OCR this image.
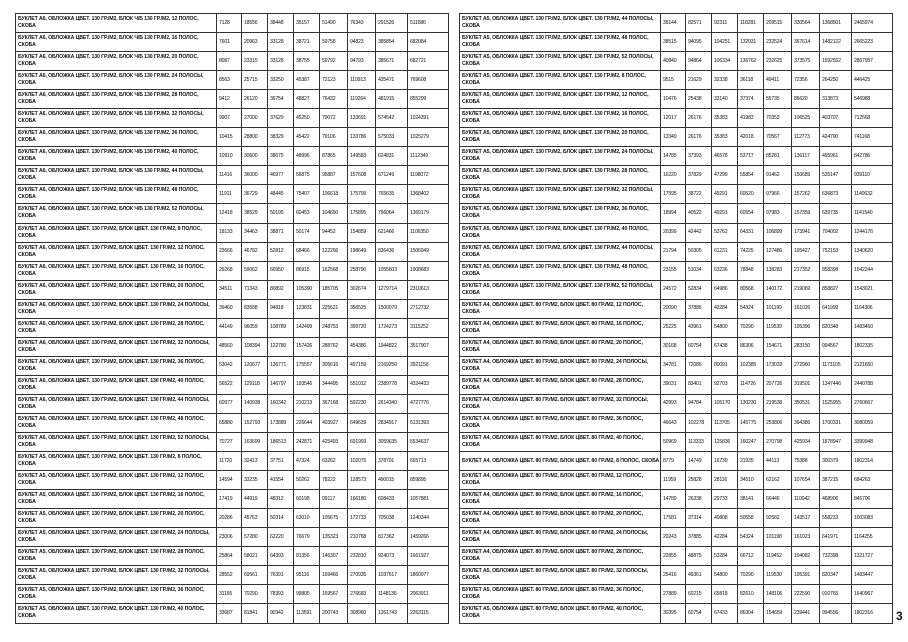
БУКЛЕТ А6, ОБЛОЖКА ЦВЕТ. 130 ГР./М2, БЛОК Ч/Б 130 ГР./М2, 12 ПОЛОС, СКОБА	7128	18556	38448	35157	51490	76343	291526	511686
БУКЛЕТ А6, ОБЛОЖКА ЦВЕТ. 130 ГР./М2, БЛОК Ч/Б 130 ГР./М2, 16 ПОЛОС, СКОБА	7601	20963	33128	38721	59758	94823	385854	682084
БУКЛЕТ А6, ОБЛОЖКА ЦВЕТ. 130 ГР./М2, БЛОК Ч/Б 130 ГР./М2, 20 ПОЛОС, СКОБА	8087	23315	33128	38755	59792	94793	385671	682721
БУКЛЕТ А6, ОБЛОЖКА ЦВЕТ. 130 ГР./М2, БЛОК Ч/Б 130 ГР./М2, 24 ПОЛОСЫ, СКОБА	8563	25715	33250	45387	72123	110913	435471	769608
БУКЛЕТ А6, ОБЛОЖКА ЦВЕТ. 130 ГР./М2, БЛОК Ч/Б 130 ГР./М2, 28 ПОЛОС, СКОБА	9412	26120	36754	48827	76432	119264	481915	855299
БУКЛЕТ А6, ОБЛОЖКА ЦВЕТ. 130 ГР./М2, БЛОК Ч/Б 130 ГР./М2, 32 ПОЛОСЫ, СКОБА	9907	27000	37629	45250	79072	133691	574542	1024391
БУКЛЕТ А6, ОБЛОЖКА ЦВЕТ. 130 ГР./М2, БЛОК Ч/Б 130 ГР./М2, 36 ПОЛОС, СКОБА	10415	28800	38329	45422	79106	133786	575033	1025279
БУКЛЕТ А6, ОБЛОЖКА ЦВЕТ. 130 ГР./М2, БЛОК Ч/Б 130 ГР./М2, 40 ПОЛОС, СКОБА	10910	30600	38675	48996	87865	149583	624831	1112349
БУКЛЕТ А6, ОБЛОЖКА ЦВЕТ. 130 ГР./М2, БЛОК Ч/Б 130 ГР./М2, 44 ПОЛОСЫ, СКОБА	11416	36000	46977	56875	95887	157608	671249	1198072
БУКЛЕТ А6, ОБЛОЖКА ЦВЕТ. 130 ГР./М2, БЛОК Ч/Б 130 ГР./М2, 48 ПОЛОС, СКОБА	11911	36729	48445	75407	106618	175799	765635	1368402
БУКЛЕТ А6, ОБЛОЖКА ЦВЕТ. 130 ГР./М2, БЛОК Ч/Б 130 ГР./М2, 52 ПОЛОСЫ, СКОБА	12418	38529	50195	60453	104650	175895	766064	1369179
БУКЛЕТ А6, ОБЛОЖКА ЦВЕТ. 130 ГР./М2, БЛОК ЦВЕТ. 130 ГР./М2, 8 ПОЛОС, СКОБА	18133	34463	38871	50174	94452	154859	621466	1106350
БУКЛЕТ А6, ОБЛОЖКА ЦВЕТ. 130 ГР./М2, БЛОК ЦВЕТ. 130 ГР./М2, 12 ПОЛОС, СКОБА	23666	46782	52812	68466	122266	198649	836436	1506949
БУКЛЕТ А6, ОБЛОЖКА ЦВЕТ. 130 ГР./М2, БЛОК ЦВЕТ. 130 ГР./М2, 16 ПОЛОС, СКОБА	29268	59062	66950	86915	162568	258790	1055603	1908683
БУКЛЕТ А6, ОБЛОЖКА ЦВЕТ. 130 ГР./М2, БЛОК ЦВЕТ. 130 ГР./М2, 20 ПОЛОС, СКОБА	34511	71343	80892	105390	185705	302674	1279714	2310613
БУКЛЕТ А6, ОБЛОЖКА ЦВЕТ. 130 ГР./М2, БЛОК ЦВЕТ. 130 ГР./М2, 24 ПОЛОСЫ, СКОБА	39460	83588	94818	123831	225621	356525	1500079	2712732
БУКЛЕТ А6, ОБЛОЖКА ЦВЕТ. 130 ГР./М2, БЛОК ЦВЕТ. 130 ГР./М2, 28 ПОЛОС, СКОБА	44149	96059	108789	142499	248753	399720	1724273	3115252
БУКЛЕТ А6, ОБЛОЖКА ЦВЕТ. 130 ГР./М2, БЛОК ЦВЕТ. 130 ГР./М2, 32 ПОЛОСЫ, СКОБА	48560	108394	122780	157426	288762	454380	1944822	3517907
БУКЛЕТ А6, ОБЛОЖКА ЦВЕТ. 130 ГР./М2, БЛОК ЦВЕТ. 130 ГР./М2, 36 ПОЛОС, СКОБА	53042	120677	136771	175557	305616	497159	2169250	3921158
БУКЛЕТ А6, ОБЛОЖКА ЦВЕТ. 130 ГР./М2, БЛОК ЦВЕТ. 130 ГР./М2, 40 ПОЛОС, СКОБА	56522	129118	146797	193546	344495	551012	2389778	4324433
БУКЛЕТ А6, ОБЛОЖКА ЦВЕТ. 130 ГР./М2, БЛОК ЦВЕТ. 130 ГР./М2, 44 ПОЛОСЫ, СКОБА	60977	140938	160342	210213	367168	592230	2614340	4727776
БУКЛЕТ А6, ОБЛОЖКА ЦВЕТ. 130 ГР./М2, БЛОК ЦВЕТ. 130 ГР./М2, 48 ПОЛОС, СКОБА	65880	152793	173889	226644	403927	649639	2834917	5131393
БУКЛЕТ А6, ОБЛОЖКА ЦВЕТ. 130 ГР./М2, БЛОК ЦВЕТ. 130 ГР./М2, 52 ПОЛОСЫ, СКОБА	70727	163699	186513	242871	425493	691993	3059635	5534637
БУКЛЕТ А5, ОБЛОЖКА ЦВЕТ. 130 ГР./М2, БЛОК ЦВЕТ. 130 ГР./М2, 8 ПОЛОС, СКОБА	11720	32413	37751	47324	63262	102075	378701	665713
БУКЛЕТ А5, ОБЛОЖКА ЦВЕТ. 130 ГР./М2, БЛОК ЦВЕТ. 130 ГР./М2, 12 ПОЛОС, СКОБА	14594	33235	41554	50262	78222	128573	490015	859895
БУКЛЕТ А5, ОБЛОЖКА ЦВЕТ. 130 ГР./М2, БЛОК ЦВЕТ. 130 ГР./М2, 16 ПОЛОС, СКОБА	17419	44919	48312	60198	99117	166180	608433	1057881
БУКЛЕТ А5, ОБЛОЖКА ЦВЕТ. 130 ГР./М2, БЛОК ЦВЕТ. 130 ГР./М2, 20 ПОЛОС, СКОБА	20286	45763	50314	63010	105675	172733	705038	1240344
БУКЛЕТ А5, ОБЛОЖКА ЦВЕТ. 130 ГР./М2, БЛОК ЦВЕТ. 130 ГР./М2, 24 ПОЛОСЫ, СКОБА	23006	57280	62220	76679	135323	210768	817362	1459266
БУКЛЕТ А5, ОБЛОЖКА ЦВЕТ. 130 ГР./М2, БЛОК ЦВЕТ. 130 ГР./М2, 28 ПОЛОС, СКОБА	25864	58021	64393	81356	146307	232810	924073	1661927
БУКЛЕТ А5, ОБЛОЖКА ЦВЕТ. 130 ГР./М2, БЛОК ЦВЕТ. 130 ГР./М2, 32 ПОЛОСЫ, СКОБА	28552	69561	76391	95116	169466	270935	1037617	1860977
БУКЛЕТ А5, ОБЛОЖКА ЦВЕТ. 130 ГР./М2, БЛОК ЦВЕТ. 130 ГР./М2, 36 ПОЛОС, СКОБА	31165	70290	78393	99805	169567	276683	1148136	2063911
БУКЛЕТ А5, ОБЛОЖКА ЦВЕТ. 130 ГР./М2, БЛОК ЦВЕТ. 130 ГР./М2, 40 ПОЛОС, СКОБА	33687	81841	90342	113591	200743	308960	1261743	2263115
БУКЛЕТ А5, ОБЛОЖКА ЦВЕТ. 130 ГР./М2, БЛОК ЦВЕТ. 130 ГР./М2, 44 ПОЛОСЫ, СКОБА	36144	82571	92311	118281	209515	330564	1368501	2465974
БУКЛЕТ А5, ОБЛОЖКА ЦВЕТ. 130 ГР./М2, БЛОК ЦВЕТ. 130 ГР./М2, 48 ПОЛОС, СКОБА	38515	94095	104251	132031	232524	367614	1482122	2665223
БУКЛЕТ А5, ОБЛОЖКА ЦВЕТ. 130 ГР./М2, БЛОК ЦВЕТ. 130 ГР./М2, 52 ПОЛОСЫ, СКОБА	40840	94864	106334	136762	232625	373575	1592552	2867957
БУКЛЕТ А5, ОБЛОЖКА ЦВЕТ. 130 ГР./М2, БЛОК ЦВЕТ. 130 ГР./М2, 8 ПОЛОС, СКОБА	9515	21629	32338	36118	49411	72356	264250	446425
БУКЛЕТ А5, ОБЛОЖКА ЦВЕТ. 130 ГР./М2, БЛОК ЦВЕТ. 130 ГР./М2, 12 ПОЛОС, СКОБА	10476	25438	33140	37374	55735	86620	313873	546988
БУКЛЕТ А5, ОБЛОЖКА ЦВЕТ. 130 ГР./М2, БЛОК ЦВЕТ. 130 ГР./М2, 16 ПОЛОС, СКОБА	12017	26176	35383	41983	70353	106525	403707	712568
БУКЛЕТ А5, ОБЛОЖКА ЦВЕТ. 130 ГР./М2, БЛОК ЦВЕТ. 130 ГР./М2, 20 ПОЛОС, СКОБА	13349	26176	35383	42018	70567	112773	424790	741168
БУКЛЕТ А5, ОБЛОЖКА ЦВЕТ. 130 ГР./М2, БЛОК ЦВЕТ. 130 ГР./М2, 24 ПОЛОСЫ, СКОБА	14785	37393	46578	53717	85281	136117	495961	842786
БУКЛЕТ А5, ОБЛОЖКА ЦВЕТ. 130 ГР./М2, БЛОК ЦВЕТ. 130 ГР./М2, 28 ПОЛОС, СКОБА	16220	37829	47299	55854	91462	150689	535147	939110
БУКЛЕТ А5, ОБЛОЖКА ЦВЕТ. 130 ГР./М2, БЛОК ЦВЕТ. 130 ГР./М2, 32 ПОЛОСЫ, СКОБА	17595	38722	49291	60520	97966	157262	636873	1140632
БУКЛЕТ А5, ОБЛОЖКА ЦВЕТ. 130 ГР./М2, БЛОК ЦВЕТ. 130 ГР./М2, 36 ПОЛОС, СКОБА	18994	40522	49291	60554	97983	157359	639735	1141540
БУКЛЕТ А5, ОБЛОЖКА ЦВЕТ. 130 ГР./М2, БЛОК ЦВЕТ. 130 ГР./М2, 40 ПОЛОС, СКОБА	20399	42442	53762	64331	106899	173941	704002	1244176
БУКЛЕТ А5, ОБЛОЖКА ЦВЕТ. 130 ГР./М2, БЛОК ЦВЕТ. 130 ГР./М2, 44 ПОЛОСЫ, СКОБА	21794	50305	61231	74225	127486	195427	752153	1340620
БУКЛЕТ А5, ОБЛОЖКА ЦВЕТ. 130 ГР./М2, БЛОК ЦВЕТ. 130 ГР./М2, 48 ПОЛОС, СКОБА	23155	51034	63236	78848	138283	217352	858398	1542244
БУКЛЕТ А5, ОБЛОЖКА ЦВЕТ. 130 ГР./М2, БЛОК ЦВЕТ. 130 ГР./М2, 52 ПОЛОСЫ, СКОБА	24572	52834	64986	80568	140172	219069	858827	1543021
БУКЛЕТ А4, ОБЛОЖКА ЦВЕТ. 80 ГР./М2, БЛОК ЦВЕТ. 80 ГР./М2, 12 ПОЛОС, СКОБА	20090	37886	42284	54324	101199	161026	641999	1164306
БУКЛЕТ А4, ОБЛОЖКА ЦВЕТ. 80 ГР./М2, БЛОК ЦВЕТ. 80 ГР./М2, 16 ПОЛОС, СКОБА	25225	43961	54800	70290	119539	195396	820348	1483450
БУКЛЕТ А4, ОБЛОЖКА ЦВЕТ. 80 ГР./М2, БЛОК ЦВЕТ. 80 ГР./М2, 20 ПОЛОС, СКОБА	30168	60754	67438	86306	154671	283150	994567	1802335
БУКЛЕТ А4, ОБЛОЖКА ЦВЕТ. 80 ГР./М2, БЛОК ЦВЕТ. 80 ГР./М2, 24 ПОЛОСЫ, СКОБА	34781	72086	80091	102385	173033	272960	1173105	2121650
БУКЛЕТ А4, ОБЛОЖКА ЦВЕТ. 80 ГР./М2, БЛОК ЦВЕТ. 80 ГР./М2, 28 ПОЛОС, СКОБА	39031	83401	92703	114726	207726	319501	1347446	2440788
БУКЛЕТ А4, ОБЛОЖКА ЦВЕТ. 80 ГР./М2, БЛОК ЦВЕТ. 80 ГР./М2, 32 ПОЛОСЫ, СКОБА	42993	94784	105170	130230	219538	350531	1525955	2760667
БУКЛЕТ А4, ОБЛОЖКА ЦВЕТ. 80 ГР./М2, БЛОК ЦВЕТ. 80 ГР./М2, 36 ПОЛОС, СКОБА	46643	102278	113705	145775	253806	394386	1700331	3080059
БУКЛЕТ А4, ОБЛОЖКА ЦВЕТ. 80 ГР./М2, БЛОК ЦВЕТ. 80 ГР./М2, 40 ПОЛОС, СКОБА	50969	113333	125836	160247	270798	425934	1878947	3399948
БУКЛЕТ А4, ОБЛОЖКА ЦВЕТ. 80 ГР./М2, БЛОК ЦВЕТ. 80 ГР./М2, 8 ПОЛОС, СКОБА	8779	14749	16739	21935	44113	75388	300379	1802314
БУКЛЕТ А4, ОБЛОЖКА ЦВЕТ. 80 ГР./М2, БЛОК ЦВЕТ. 80 ГР./М2, 12 ПОЛОС, СКОБА	11959	25828	28116	34510	62162	107654	387215	684263
БУКЛЕТ А4, ОБЛОЖКА ЦВЕТ. 80 ГР./М2, БЛОК ЦВЕТ. 80 ГР./М2, 16 ПОЛОС, СКОБА	14789	26338	29733	38141	66446	110042	468906	845706
БУКЛЕТ А4, ОБЛОЖКА ЦВЕТ. 80 ГР./М2, БЛОК ЦВЕТ. 80 ГР./М2, 20 ПОЛОС, СКОБА	17581	37314	40808	50558	92582	143517	558233	1003083
БУКЛЕТ А4, ОБЛОЖКА ЦВЕТ. 80 ГР./М2, БЛОК ЦВЕТ. 80 ГР./М2, 24 ПОЛОСЫ, СКОБА	20243	37885	42284	54324	101198	161023	641971	1164255
БУКЛЕТ А4, ОБЛОЖКА ЦВЕТ. 80 ГР./М2, БЛОК ЦВЕТ. 80 ГР./М2, 28 ПОЛОС, СКОБА	22855	48875	53284	66712	119452	194082	732398	1321727
БУКЛЕТ А5, ОБЛОЖКА ЦВЕТ. 80 ГР./М2, БЛОК ЦВЕТ. 80 ГР./М2, 32 ПОЛОСЫ, СКОБА	25416	49361	54800	70290	119530	195391	820347	1483447
БУКЛЕТ А5, ОБЛОЖКА ЦВЕТ. 80 ГР./М2, БЛОК ЦВЕТ. 80 ГР./М2, 36 ПОЛОС, СКОБА	27889	60215	65818	82610	148106	222590	910765	1640967
БУКЛЕТ А5, ОБЛОЖКА ЦВЕТ. 80 ГР./М2, БЛОК ЦВЕТ. 80 ГР./М2, 40 ПОЛОС, СКОБА	30395	60754	67433	86304	154659	239441	994556	1802316 3
